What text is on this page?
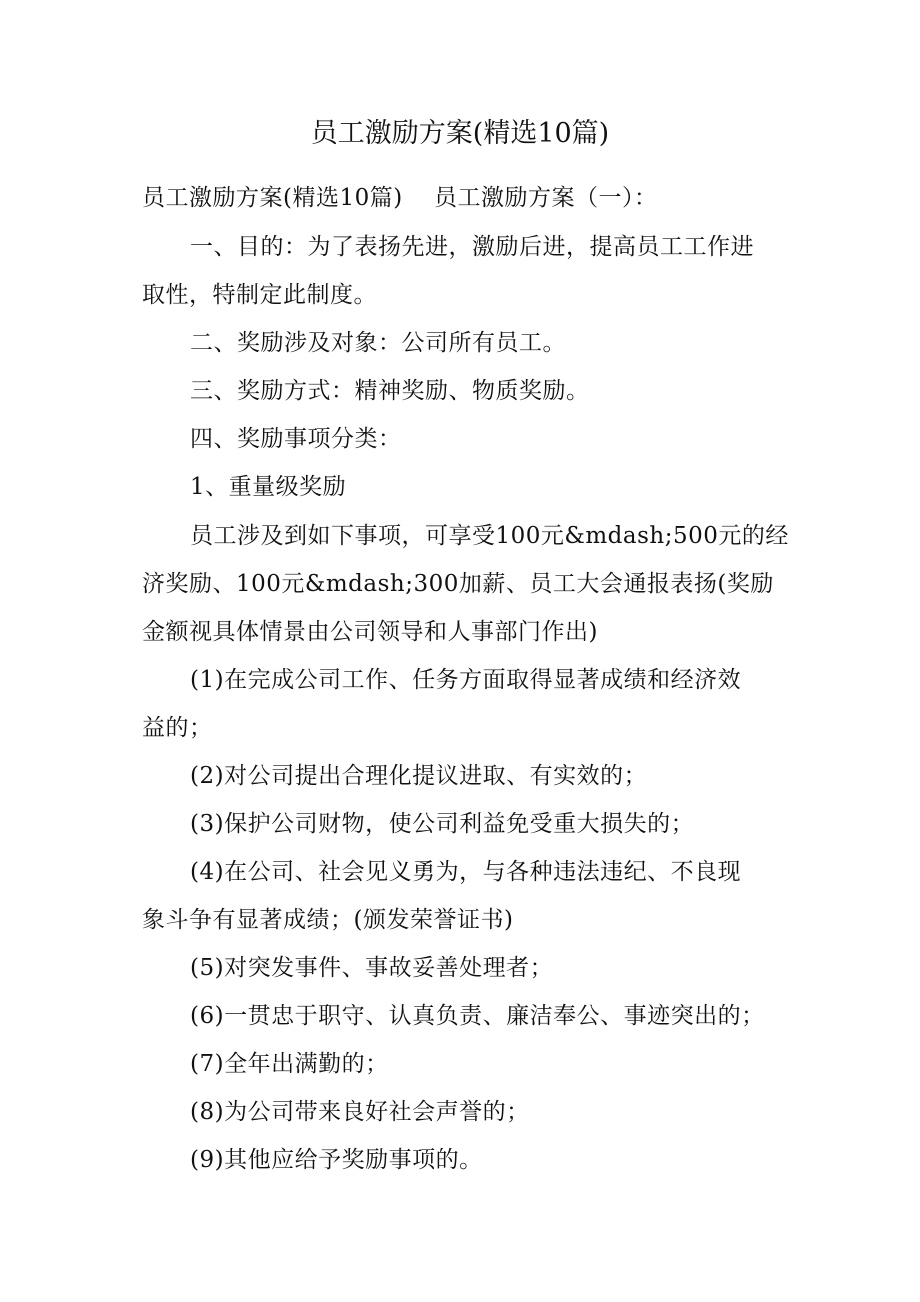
员工激励方案(精选10篇)
员工激励方案(精选10篇)    员工激励方案（一）：
一、目的：为了表扬先进，激励后进，提高员工工作进
取性，特制定此制度。
二、奖励涉及对象：公司所有员工。
三、奖励方式：精神奖励、物质奖励。
四、奖励事项分类：
1、重量级奖励
员工涉及到如下事项，可享受100元&mdash;500元的经
济奖励、100元&mdash;300加薪、员工大会通报表扬(奖励
金额视具体情景由公司领导和人事部门作出)
(1)在完成公司工作、任务方面取得显著成绩和经济效
益的；
(2)对公司提出合理化提议进取、有实效的；
(3)保护公司财物，使公司利益免受重大损失的；
(4)在公司、社会见义勇为，与各种违法违纪、不良现
象斗争有显著成绩；(颁发荣誉证书)
(5)对突发事件、事故妥善处理者；
(6)一贯忠于职守、认真负责、廉洁奉公、事迹突出的；
(7)全年出满勤的；
(8)为公司带来良好社会声誉的；
(9)其他应给予奖励事项的。
